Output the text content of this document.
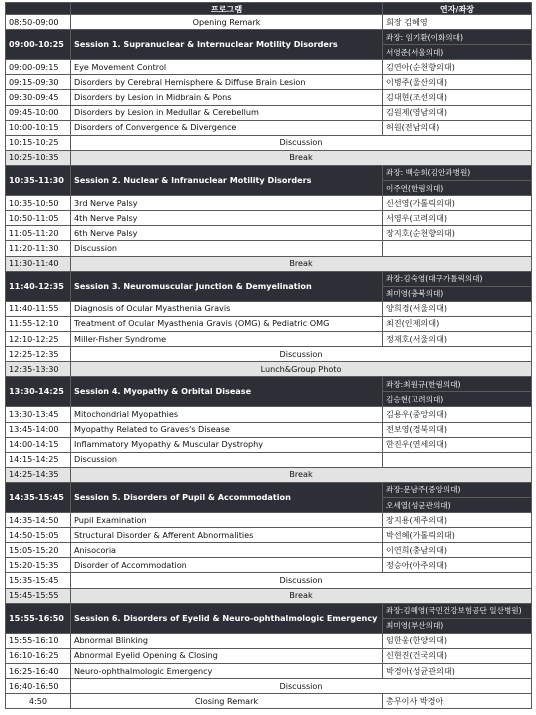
	프로그램	연자/좌장
08:50-09:00	Opening Remark	회장 김혜영
09:00-10:25	Session 1. Supranuclear & Internuclear Motility Disorders	좌장: 임기환(이화의대)
		서영준(서울의대)
09:00-09:15	Eye Movement Control	김연아(순천향의대)
09:15-09:30	Disorders by Cerebral Hemisphere & Diffuse Brain Lesion	이병주(울산의대)
09:30-09:45	Disorders by Lesion in Midbrain & Pons	김대현(조선의대)
09:45-10:00	Disorders by Lesion in Medullar & Cerebellum	김원제(영남의대)
10:00-10:15	Disorders of Convergence & Divergence	허원(전남의대)
10:15-10:25	Discussion	
10:25-10:35	Break	
10:35-11:30	Session 2. Nuclear & Infranuclear Motility Disorders	좌장: 백승희(김안과병원)
		이주연(한림의대)
10:35-10:50	3rd Nerve Palsy	신선영(가톨릭의대)
10:50-11:05	4th Nerve Palsy	서영우(고려의대)
11:05-11:20	6th Nerve Palsy	장지호(순천향의대)
11:20-11:30	Discussion	
11:30-11:40	Break	
11:40-12:35	Session 3. Neuromuscular Junction & Demyelination	좌장:김숙영(대구가톨릭의대)
		최미영(충북의대)
11:40-11:55	Diagnosis of Ocular Myasthenia Gravis	양희경(서울의대)
11:55-12:10	Treatment of Ocular Myasthenia Gravis (OMG) & Pediatric OMG	최진(인제의대)
12:10-12:25	Miller-Fisher Syndrome	정재호(서울의대)
12:25-12:35	Discussion	
12:35-13:30	Lunch&Group Photo	
13:30-14:25	Session 4. Myopathy & Orbital Disease	좌장:최원규(한림의대)
		김승현(고려의대)
13:30-13:45	Mitochondrial Myopathies	김용우(중앙의대)
13:45-14:00	Myopathy Related to Graves's Disease	전보영(경북의대)
14:00-14:15	Inflammatory Myopathy & Muscular Dystrophy	한진우(연세의대)
14:15-14:25	Discussion	
14:25-14:35	Break	
14:35-15:45	Session 5. Disorders of Pupil & Accommodation	좌장:문남주(중앙의대)
		오세열(성균관의대)
14:35-14:50	Pupil Examination	장지용(제주의대)
14:50-15:05	Structural Disorder & Afferent Abnormalities	박선혜(가톨릭의대)
15:05-15:20	Anisocoria	이연희(충남의대)
15:20-15:35	Disorder of Accommodation	정승아(아주의대)
15:35-15:45	Discussion	
15:45-15:55	Break	
15:55-16:50	Session 6. Disorders of Eyelid & Neuro-ophthalmologic Emergency	좌장:김혜영(국민건강보험공단 일산병원)
		최미영(부산의대)
15:55-16:10	Abnormal Blinking	임한웅(한양의대)
16:10-16:25	Abnormal Eyelid Opening & Closing	신현진(건국의대)
16:25-16:40	Neuro-ophthalmologic Emergency	박경아(성균관의대)
16:40-16:50	Discussion	
4:50	Closing Remark	총무이사 박경아
